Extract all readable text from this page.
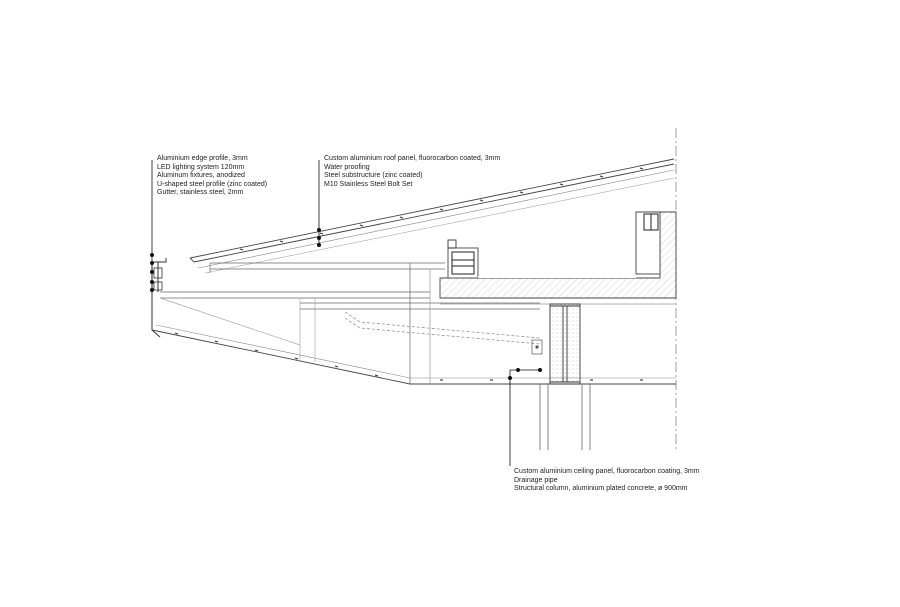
Aluminium edge profile, 3mm
LED lighting system 120mm
Aluminum fixtures, anodized
U-shaped steel profile (zinc coated)
Gutter, stainless steel, 2mm
Custom aluminium roof panel, fluorocarbon coated, 3mm
Water proofing
Steel substructure (zinc coated)
M10 Stainless Steel Bolt Set
Custom aluminium ceiling panel, fluorocarbon coating, 3mm
Drainage pipe
Structural column, aluminium plated concrete, ø 900mm
